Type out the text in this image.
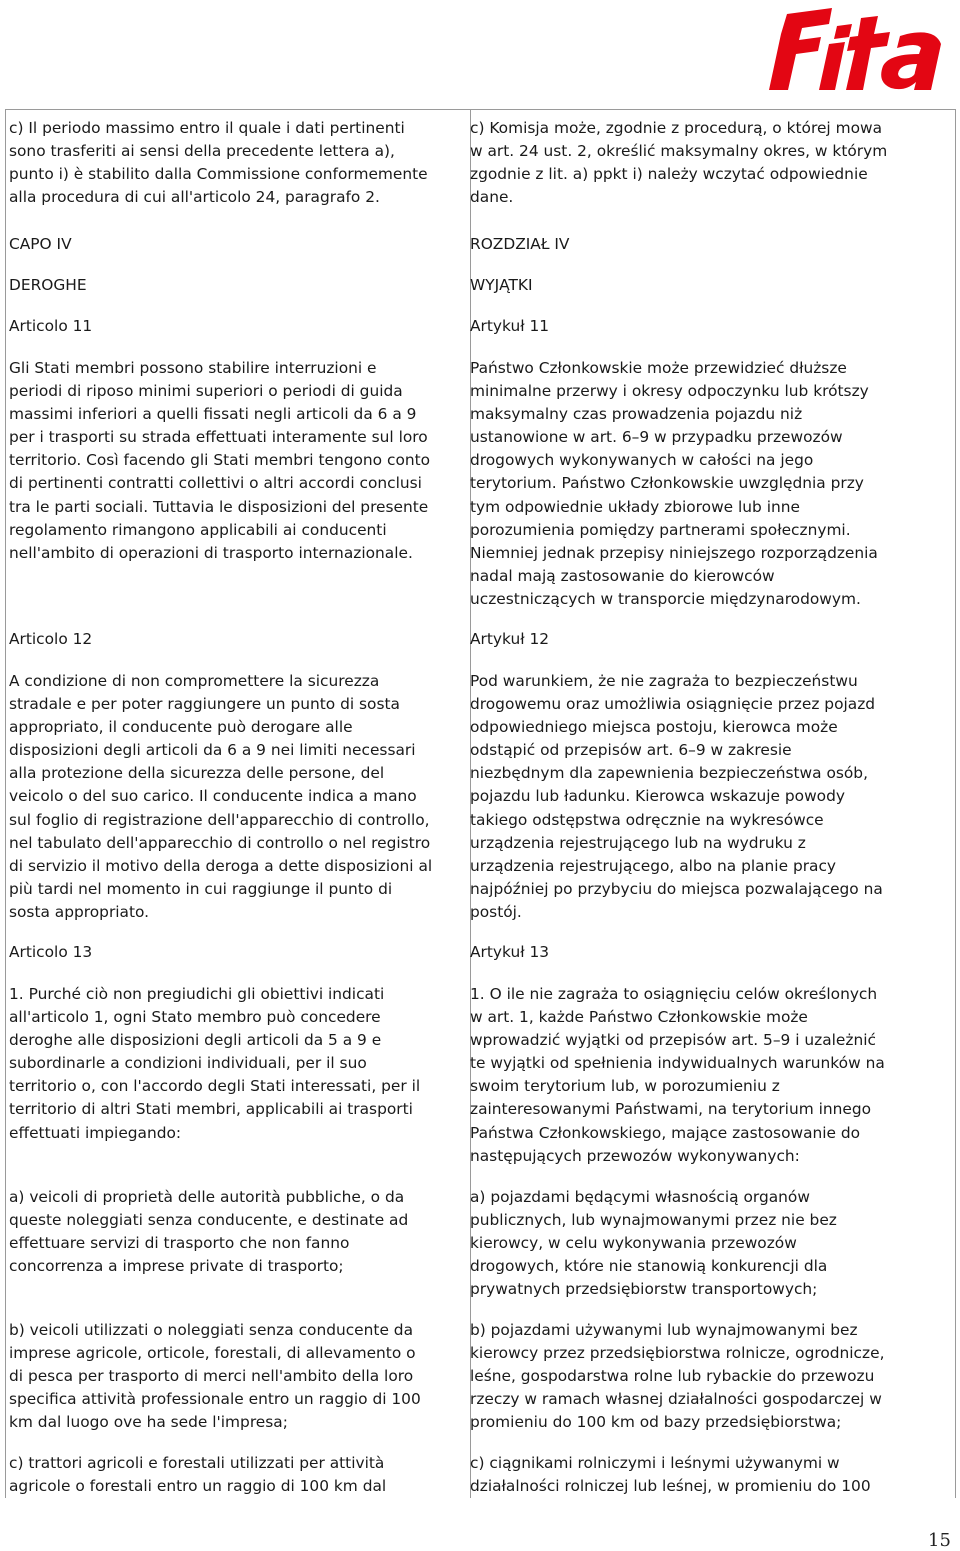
c) Il periodo massimo entro il quale i dati pertinenti
sono trasferiti ai sensi della precedente lettera a),
punto i) è stabilito dalla Commissione conformemente
alla procedura di cui all'articolo 24, paragrafo 2.

CAPO IV

DEROGHE

Articolo 11

Gli Stati membri possono stabilire interruzioni e
periodi di riposo minimi superiori o periodi di guida
massimi inferiori a quelli fissati negli articoli da 6 a 9
per i trasporti su strada effettuati interamente sul loro
territorio. Così facendo gli Stati membri tengono conto
di pertinenti contratti collettivi o altri accordi conclusi
tra le parti sociali. Tuttavia le disposizioni del presente
regolamento rimangono applicabili ai conducenti
nell'ambito di operazioni di trasporto internazionale.

Articolo 12

A condizione di non compromettere la sicurezza
stradale e per poter raggiungere un punto di sosta
appropriato, il conducente può derogare alle
disposizioni degli articoli da 6 a 9 nei limiti necessari
alla protezione della sicurezza delle persone, del
veicolo o del suo carico. Il conducente indica a mano
sul foglio di registrazione dell'apparecchio di controllo,
nel tabulato dell'apparecchio di controllo o nel registro
di servizio il motivo della deroga a dette disposizioni al
più tardi nel momento in cui raggiunge il punto di
sosta appropriato.

Articolo 13

1. Purché ciò non pregiudichi gli obiettivi indicati
all'articolo 1, ogni Stato membro può concedere
deroghe alle disposizioni degli articoli da 5 a 9 e
subordinarle a condizioni individuali, per il suo
territorio o, con l'accordo degli Stati interessati, per il
territorio di altri Stati membri, applicabili ai trasporti
effettuati impiegando:

a) veicoli di proprietà delle autorità pubbliche, o da
queste noleggiati senza conducente, e destinate ad
effettuare servizi di trasporto che non fanno
concorrenza a imprese private di trasporto;

b) veicoli utilizzati o noleggiati senza conducente da
imprese agricole, orticole, forestali, di allevamento o
di pesca per trasporto di merci nell'ambito della loro
specifica attività professionale entro un raggio di 100
km dal luogo ove ha sede l'impresa;

c) trattori agricoli e forestali utilizzati per attività
agricole o forestali entro un raggio di 100 km dal

c) Komisja może, zgodnie z procedurą, o której mowa
w art. 24 ust. 2, określić maksymalny okres, w którym
zgodnie z lit. a) ppkt i) należy wczytać odpowiednie
dane.

ROZDZIAŁ IV

WYJĄTKI

Artykuł 11

Państwo Członkowskie może przewidzieć dłuższe
minimalne przerwy i okresy odpoczynku lub krótszy
maksymalny czas prowadzenia pojazdu niż
ustanowione w art. 6–9 w przypadku przewozów
drogowych wykonywanych w całości na jego
terytorium. Państwo Członkowskie uwzględnia przy
tym odpowiednie układy zbiorowe lub inne
porozumienia pomiędzy partnerami społecznymi.
Niemniej jednak przepisy niniejszego rozporządzenia
nadal mają zastosowanie do kierowców
uczestniczących w transporcie międzynarodowym.

Artykuł 12

Pod warunkiem, że nie zagraża to bezpieczeństwu
drogowemu oraz umożliwia osiągnięcie przez pojazd
odpowiedniego miejsca postoju, kierowca może
odstąpić od przepisów art. 6–9 w zakresie
niezbędnym dla zapewnienia bezpieczeństwa osób,
pojazdu lub ładunku. Kierowca wskazuje powody
takiego odstępstwa odręcznie na wykresówce
urządzenia rejestrującego lub na wydruku z
urządzenia rejestrującego, albo na planie pracy
najpóźniej po przybyciu do miejsca pozwalającego na
postój.

Artykuł 13

1. O ile nie zagraża to osiągnięciu celów określonych
w art. 1, każde Państwo Członkowskie może
wprowadzić wyjątki od przepisów art. 5–9 i uzależnić
te wyjątki od spełnienia indywidualnych warunków na
swoim terytorium lub, w porozumieniu z
zainteresowanymi Państwami, na terytorium innego
Państwa Członkowskiego, mające zastosowanie do
następujących przewozów wykonywanych:

a) pojazdami będącymi własnością organów
publicznych, lub wynajmowanymi przez nie bez
kierowcy, w celu wykonywania przewozów
drogowych, które nie stanowią konkurencji dla
prywatnych przedsiębiorstw transportowych;

b) pojazdami używanymi lub wynajmowanymi bez
kierowcy przez przedsiębiorstwa rolnicze, ogrodnicze,
leśne, gospodarstwa rolne lub rybackie do przewozu
rzeczy w ramach własnej działalności gospodarczej w
promieniu do 100 km od bazy przedsiębiorstwa;

c) ciągnikami rolniczymi i leśnymi używanymi w
działalności rolniczej lub leśnej, w promieniu do 100

15
